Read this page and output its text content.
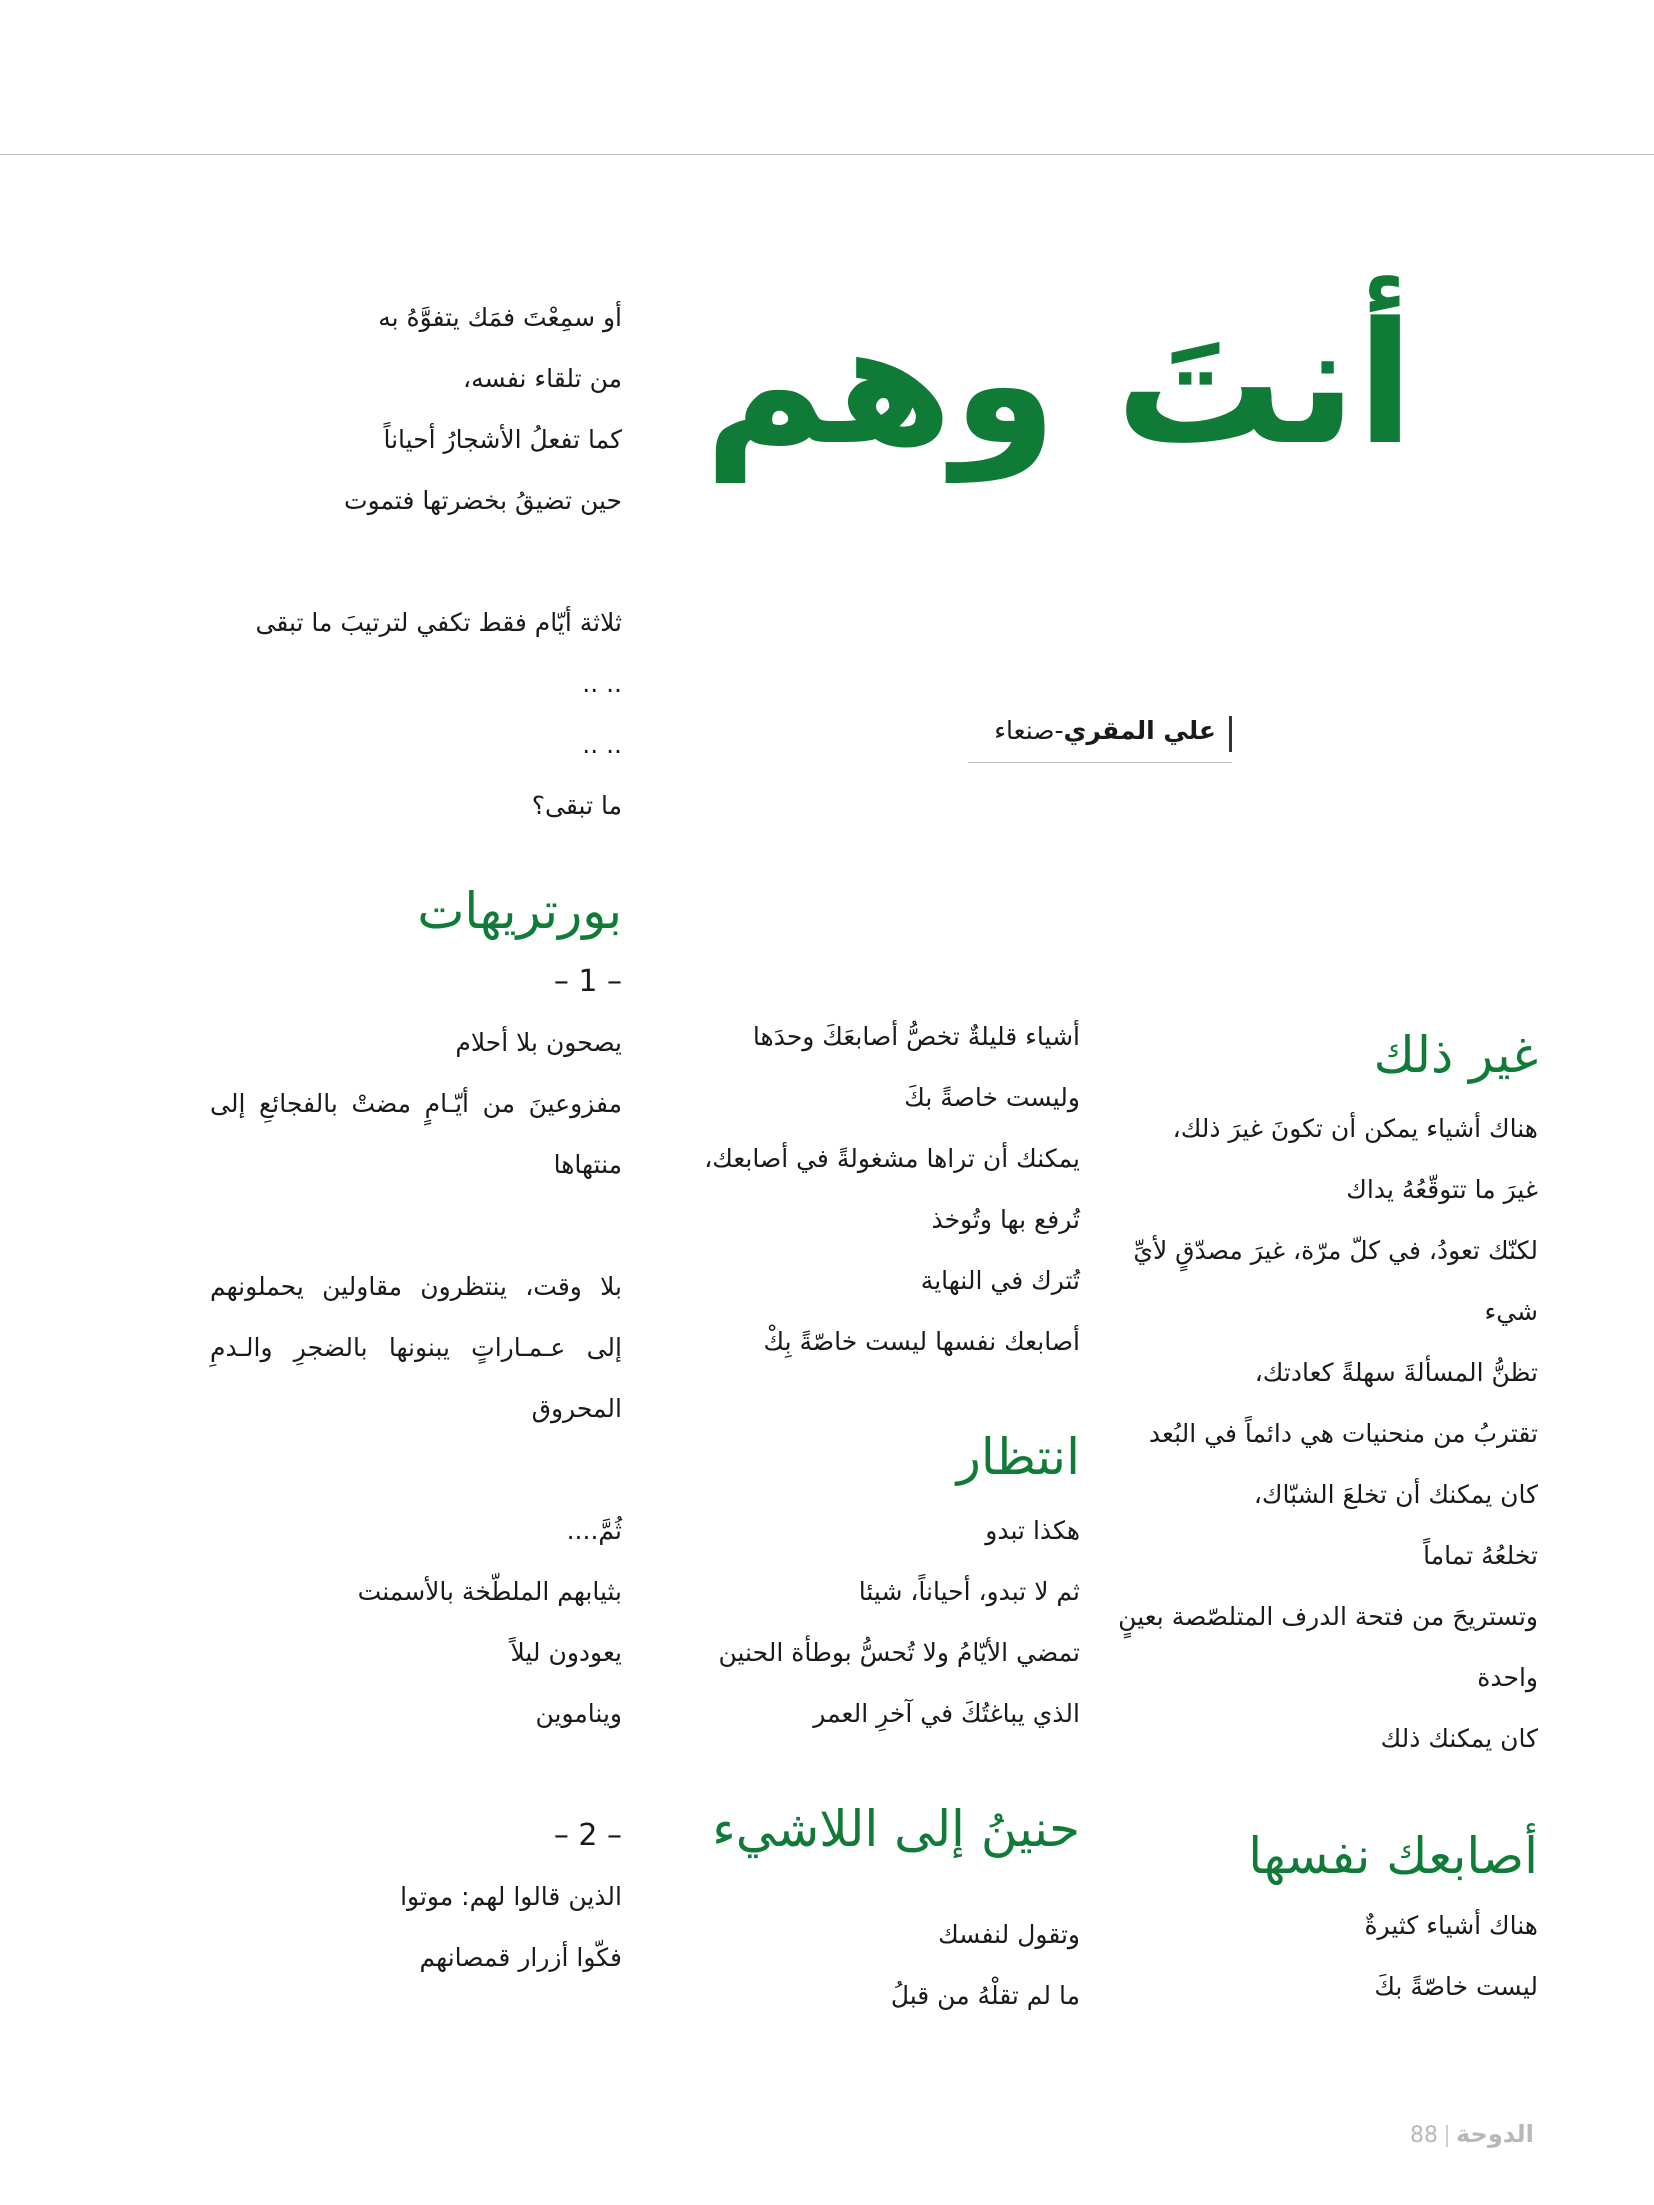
أنتَ وهم
علي المقري-صنعاء
أو سمِعْتَ فمَك يتفوَّهُ به
من تلقاء نفسه،
كما تفعلُ الأشجارُ أحياناً
حين تضيقُ بخضرتها فتموت
ثلاثة أيّام فقط تكفي لترتيبَ ما تبقى
.. ..
.. ..
ما تبقى؟
بورتريهات
– 1 –
يصحون بلا أحلام
مفزوعينَ من أيّـامٍ مضتْ بالفجائعِ إلى منتهاها
بلا وقت، ينتظرون مقاولين يحملونهم إلى عـمـاراتٍ يبنونها بالضجرِ والـدمِ المحروق
ثُمَّ....
بثيابهم الملطّخة بالأسمنت
يعودون ليلاً
ويناموين
– 2 –
الذين قالوا لهم: موتوا
فكّوا أزرار قمصانهم
أشياء قليلةٌ تخصُّ أصابعَكَ وحدَها
وليست خاصةً بكَ
يمكنك أن تراها مشغولةً في أصابعك،
تُرفع بها وتُوخذ
تُترك في النهاية
أصابعك نفسها ليست خاصّةً بِكْ
انتظار
هكذا تبدو
ثم لا تبدو، أحياناً، شيئا
تمضي الأيّامُ ولا تُحسُّ بوطأة الحنين
الذي يباغتُكَ في آخرِ العمر
حنينُ إلى اللاشيء
وتقول لنفسك
ما لم تقلْهُ من قبلُ
غير ذلك
هناك أشياء يمكن أن تكونَ غيرَ ذلك،
غيرَ ما تتوقّعُهُ يداك
لكنّك تعودُ، في كلّ مرّة، غيرَ مصدّقٍ لأيِّ
شيء
تظنُّ المسألةَ سهلةً كعادتك،
تقتربُ من منحنيات هي دائماً في البُعد
كان يمكنك أن تخلعَ الشبّاك،
تخلعُهُ تماماً
وتستريحَ من فتحة الدرف المتلصّصة بعينٍ
واحدة
كان يمكنك ذلك
أصابعك نفسها
هناك أشياء كثيرةٌ
ليست خاصّةً بكَ
88 الدوحة
